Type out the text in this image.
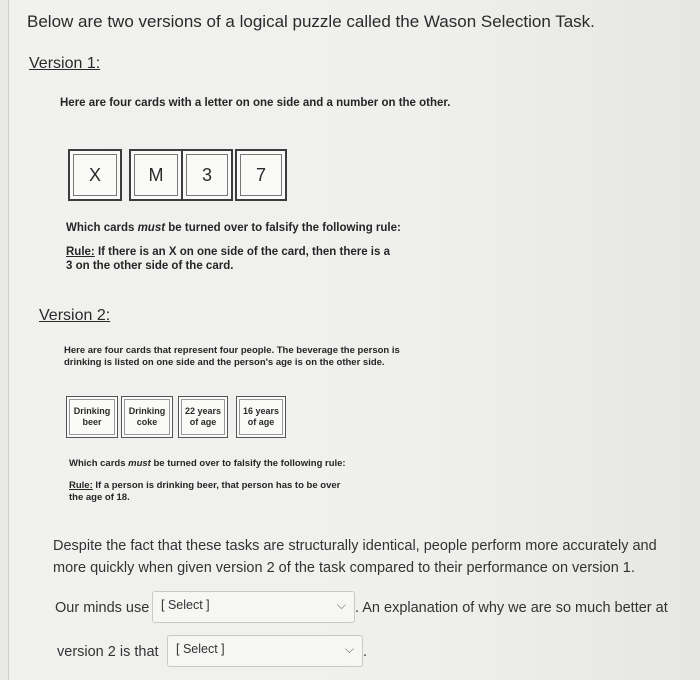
Below are two versions of a logical puzzle called the Wason Selection Task.
Version 1:
Here are four cards with a letter on one side and a number on the other.
X	M	3	7
Which cards must be turned over to falsify the following rule:
Rule: If there is an X on one side of the card, then there is a
3 on the other side of the card.
Version 2:
Here are four cards that represent four people. The beverage the person is
drinking is listed on one side and the person's age is on the other side.
Drinking
beer
Drinking
coke
22 years
of age
16 years
of age
Which cards must be turned over to falsify the following rule:
Rule: If a person is drinking beer, that person has to be over
the age of 18.
Despite the fact that these tasks are structurally identical, people perform more accurately and more quickly when given version 2 of the task compared to their performance on version 1.
Our minds use [ Select ]	⌵ . An explanation of why we are so much better at
version 2 is that	[ Select ]	⌵ .
